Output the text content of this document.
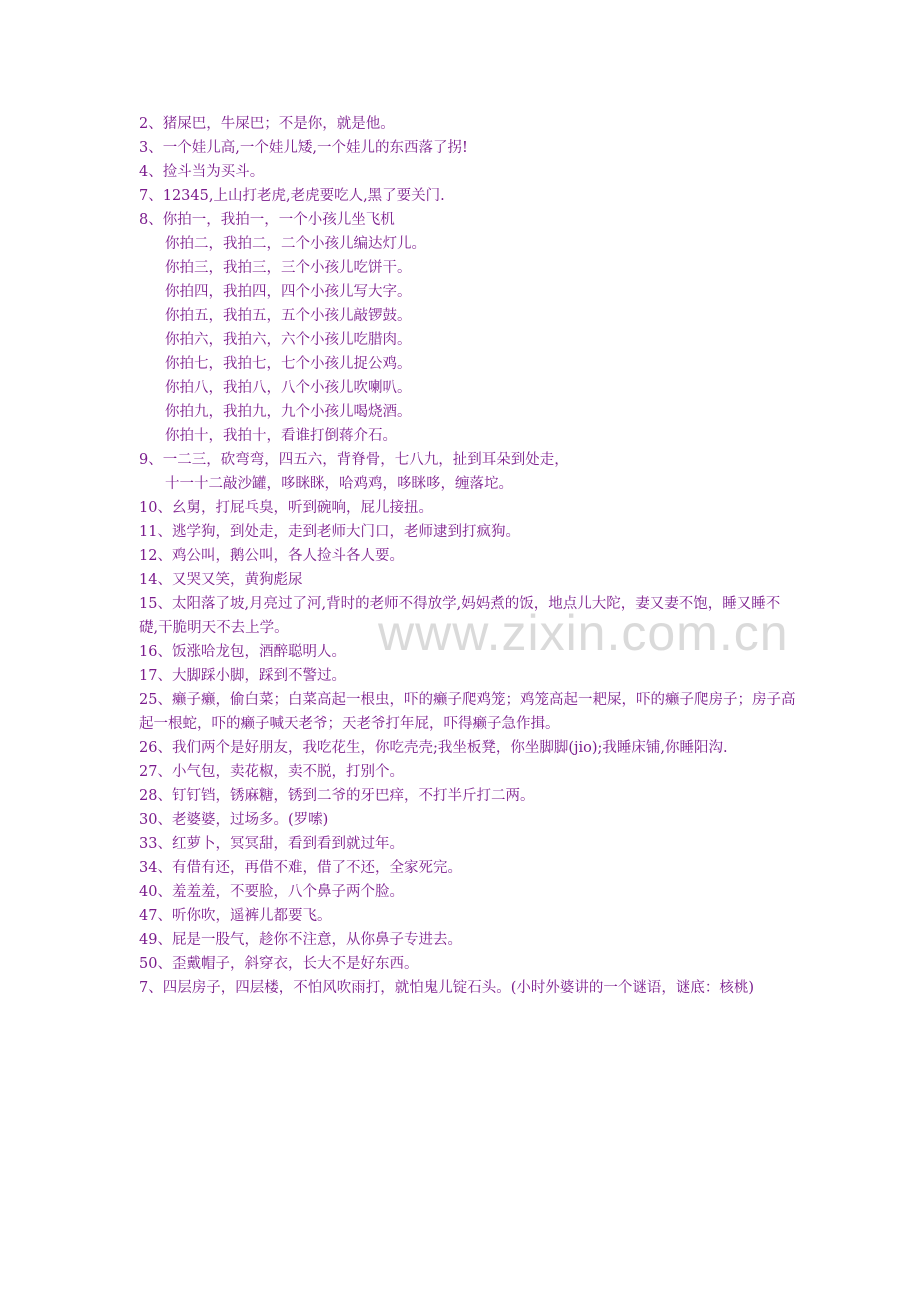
2、猪屎巴，牛屎巴；不是你，就是他。

3、一个娃儿高,一个娃儿矮,一个娃儿的东西落了拐!

4、捡斗当为买斗。

7、12345,上山打老虎,老虎要吃人,黑了要关门.

8、你拍一，我拍一，一个小孩儿坐飞机

你拍二，我拍二，二个小孩儿编达灯儿。

你拍三，我拍三，三个小孩儿吃饼干。

你拍四，我拍四，四个小孩儿写大字。

你拍五，我拍五，五个小孩儿敲锣鼓。

你拍六，我拍六，六个小孩儿吃腊肉。

你拍七，我拍七，七个小孩儿捉公鸡。

你拍八，我拍八，八个小孩儿吹喇叭。

你拍九，我拍九，九个小孩儿喝烧酒。

你拍十，我拍十，看谁打倒蒋介石。

9、一二三，砍弯弯，四五六，背脊骨，七八九，扯到耳朵到处走，

十一十二敲沙罐，哆眯眯，哈鸡鸡，哆眯哆，缠落坨。

10、幺舅，打屁乓臭，听到碗响，屁儿接扭。

11、逃学狗，到处走，走到老师大门口，老师逮到打疯狗。

12、鸡公叫，鹅公叫，各人捡斗各人要。

14、又哭又笑，黄狗彪尿

15、太阳落了坡,月亮过了河,背时的老师不得放学,妈妈煮的饭，地点儿大陀，妻又妻不饱，睡又睡不礎,干脆明天不去上学。

16、饭涨哈龙包，酒醉聪明人。

17、大脚踩小脚，踩到不警过。

25、癞子癞，偷白菜；白菜高起一根虫，吓的癞子爬鸡笼；鸡笼高起一耙屎，吓的癞子爬房子；房子高起一根蛇，吓的癞子喊天老爷；天老爷打年屁，吓得癞子急作揖。

26、我们两个是好朋友，我吃花生，你吃壳壳;我坐板凳，你坐脚脚(jio);我睡床铺,你睡阳沟.

27、小气包，卖花椒，卖不脱，打别个。

28、钉钉铛，锈麻糖，锈到二爷的牙巴痒，不打半斤打二两。

30、老婆婆，过场多。(罗嗦)

33、红萝卜，冥冥甜，看到看到就过年。

34、有借有还，再借不难，借了不还，全家死完。

40、羞羞羞，不要脸，八个鼻子两个脸。

47、听你吹，遥裤儿都要飞。

49、屁是一股气，趁你不注意，从你鼻子专进去。

50、歪戴帽子，斜穿衣，长大不是好东西。

7、四层房子，四层楼，不怕风吹雨打，就怕鬼儿锭石头。(小时外婆讲的一个谜语，谜底：核桃)

www.zixin.com.cn
